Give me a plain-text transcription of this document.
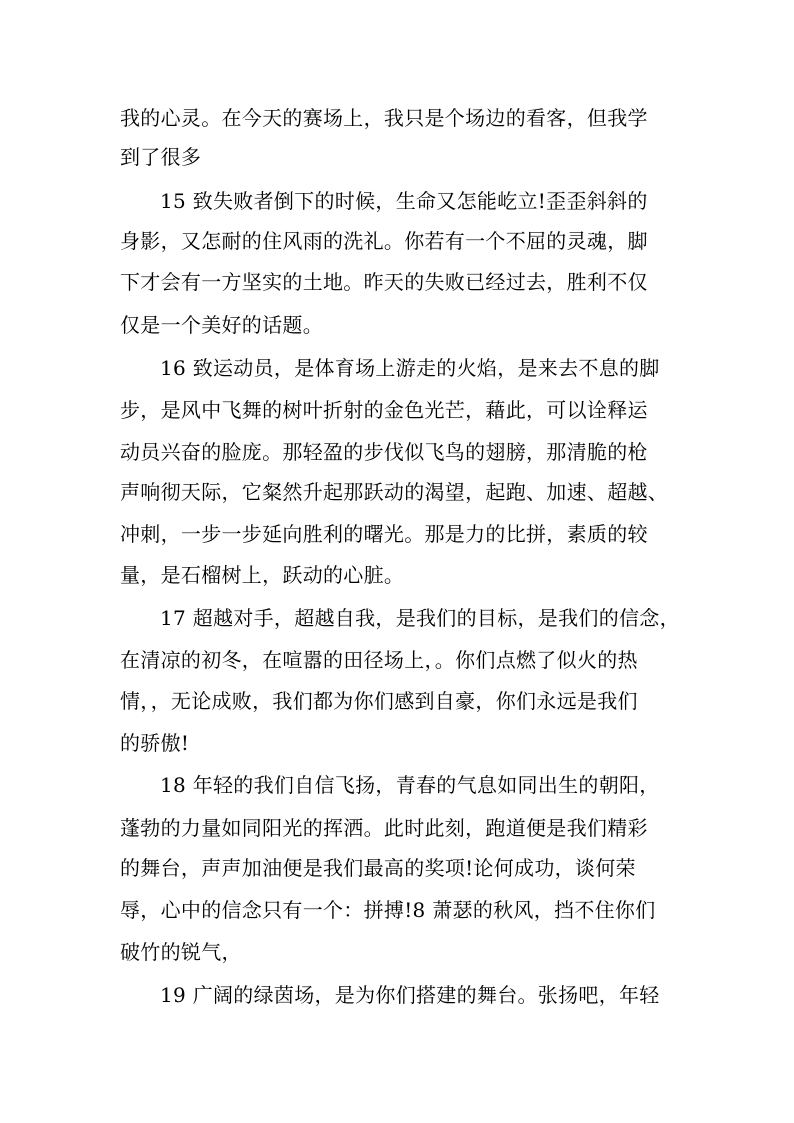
我的心灵。在今天的赛场上，我只是个场边的看客，但我学
到了很多
15 致失败者倒下的时候，生命又怎能屹立!歪歪斜斜的
身影，又怎耐的住风雨的洗礼。你若有一个不屈的灵魂，脚
下才会有一方坚实的土地。昨天的失败已经过去，胜利不仅
仅是一个美好的话题。
16 致运动员，是体育场上游走的火焰，是来去不息的脚
步，是风中飞舞的树叶折射的金色光芒，藉此，可以诠释运
动员兴奋的脸庞。那轻盈的步伐似飞鸟的翅膀，那清脆的枪
声响彻天际，它粲然升起那跃动的渴望，起跑、加速、超越、
冲刺，一步一步延向胜利的曙光。那是力的比拼，素质的较
量，是石榴树上，跃动的心脏。
17 超越对手，超越自我，是我们的目标，是我们的信念，
在清凉的初冬，在喧嚣的田径场上，。你们点燃了似火的热
情，，无论成败，我们都为你们感到自豪，你们永远是我们
的骄傲!
18 年轻的我们自信飞扬，青春的气息如同出生的朝阳，
蓬勃的力量如同阳光的挥洒。此时此刻，跑道便是我们精彩
的舞台，声声加油便是我们最高的奖项!论何成功，谈何荣
辱，心中的信念只有一个：拼搏!8 萧瑟的秋风，挡不住你们
破竹的锐气，
19 广阔的绿茵场，是为你们搭建的舞台。张扬吧，年轻
